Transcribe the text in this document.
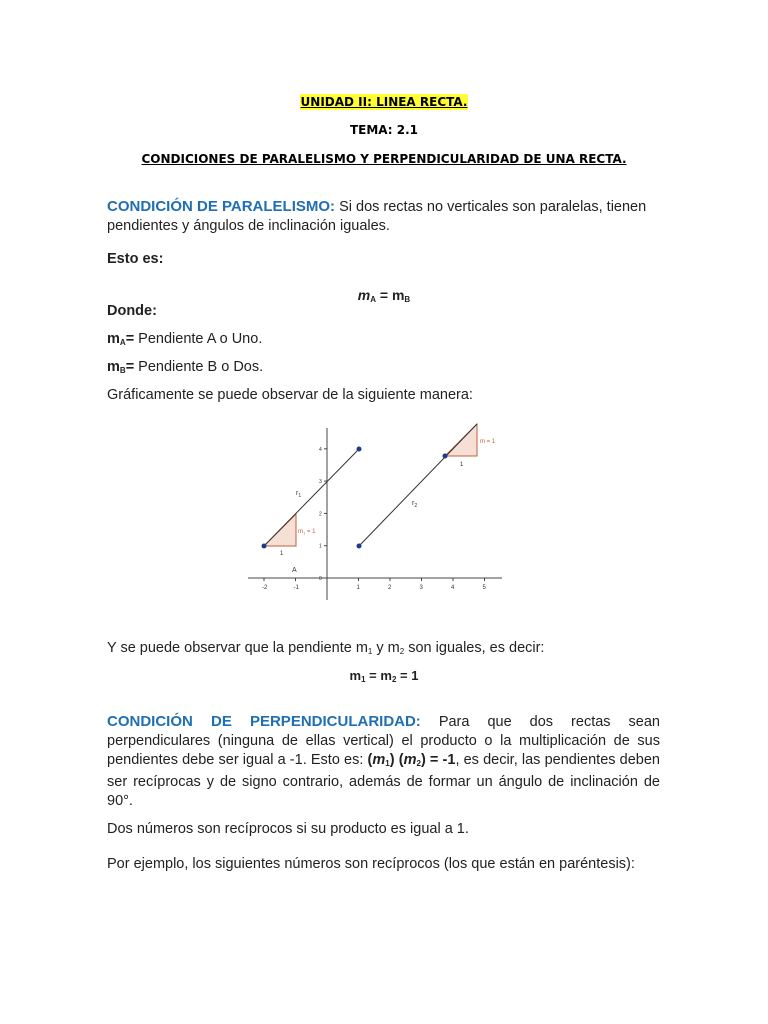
UNIDAD II: LINEA RECTA.
TEMA: 2.1
CONDICIONES DE PARALELISMO Y PERPENDICULARIDAD DE UNA RECTA.
CONDICIÓN DE PARALELISMO: Si dos rectas no verticales son paralelas, tienen pendientes y ángulos de inclinación iguales.
Esto es:
$m_A = m_B$
Donde:
$m_A=$ Pendiente A o Uno.
$m_B=$ Pendiente B o Dos.
Gráficamente se puede observar de la siguiente manera:
-2	-1	1	2	3	4	5
0
1
2
3
4
$r_1$
$r_2$
$m_1 = 1$
1
m = 1
1
A
Y se puede observar que la pendiente $m_1$ y $m_2$ son iguales, es decir:
$m_1 = m_2 = 1$
CONDICIÓN DE PERPENDICULARIDAD: Para que dos rectas sean perpendiculares (ninguna de ellas vertical) el producto o la multiplicación de sus pendientes debe ser igual a -1. Esto es: $(m_1) (m_2) = -1$, es decir, las pendientes deben ser recíprocas y de signo contrario, además de formar un ángulo de inclinación de 90°.
Dos números son recíprocos si su producto es igual a 1.
Por ejemplo, los siguientes números son recíprocos (los que están en paréntesis):
